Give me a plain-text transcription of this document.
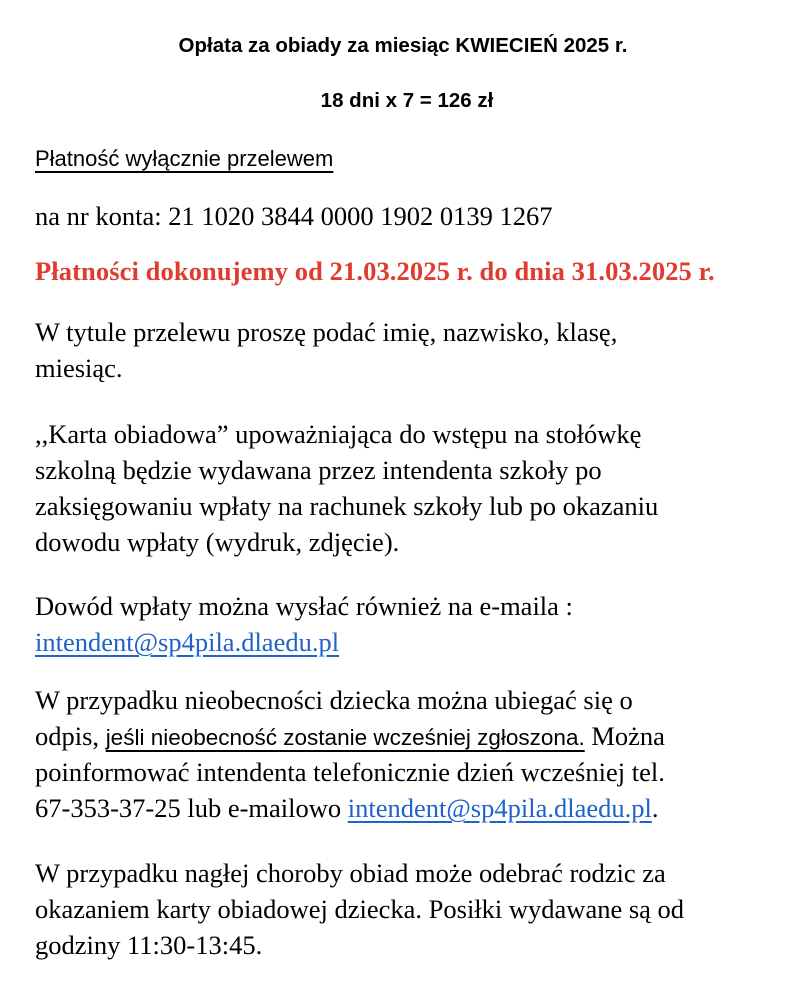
Opłata za obiady za miesiąc KWIECIEŃ 2025 r.
18 dni x 7 = 126 zł
Płatność wyłącznie przelewem
na nr konta: 21 1020 3844 0000 1902 0139 1267
Płatności dokonujemy od 21.03.2025 r. do dnia 31.03.2025 r.
W tytule przelewu proszę podać imię, nazwisko, klasę,
miesiąc.
,,Karta obiadowa” upoważniająca do wstępu na stołówkę
szkolną będzie wydawana przez intendenta szkoły po
zaksięgowaniu wpłaty na rachunek szkoły lub po okazaniu
dowodu wpłaty (wydruk, zdjęcie).
Dowód wpłaty można wysłać również na e-maila :
intendent@sp4pila.dlaedu.pl
W przypadku nieobecności dziecka można ubiegać się o
odpis, jeśli nieobecność zostanie wcześniej zgłoszona. Można
poinformować intendenta telefonicznie dzień wcześniej tel.
67-353-37-25 lub e-mailowo intendent@sp4pila.dlaedu.pl.
W przypadku nagłej choroby obiad może odebrać rodzic za
okazaniem karty obiadowej dziecka. Posiłki wydawane są od
godziny 11:30-13:45.
